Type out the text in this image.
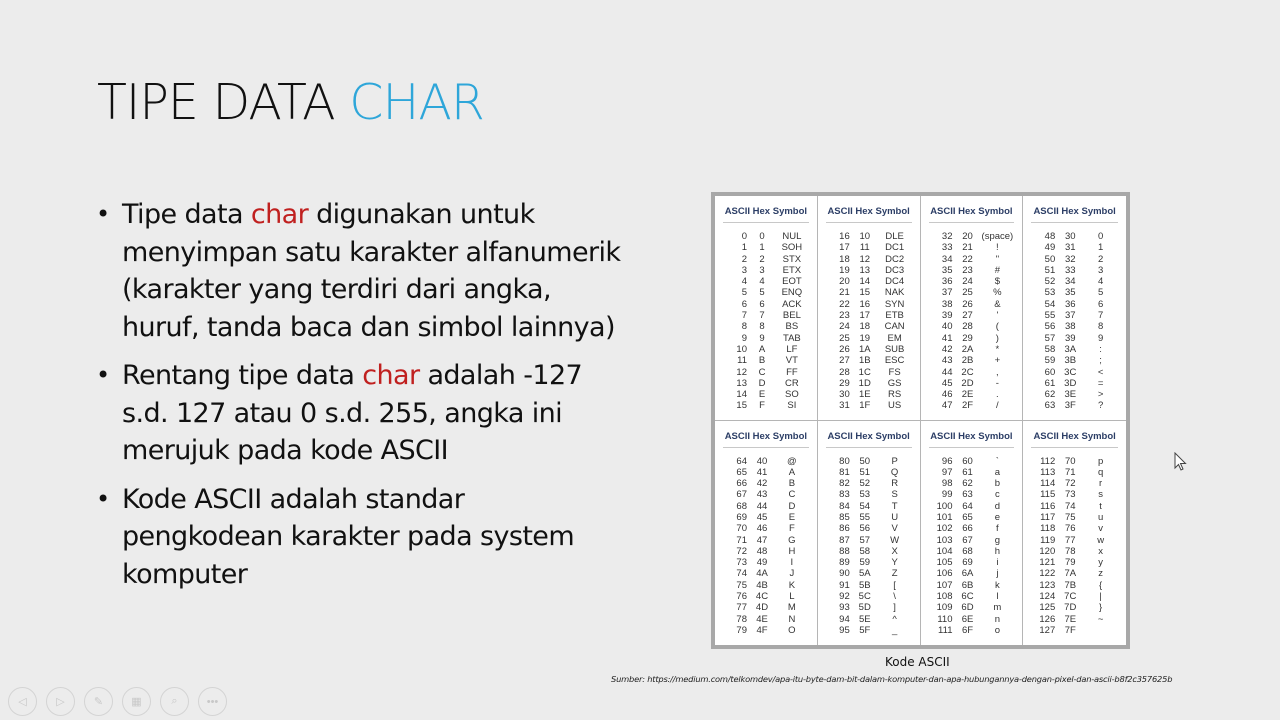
TIPE DATA CHAR
• Tipe data char digunakan untuk menyimpan satu karakter alfanumerik (karakter yang terdiri dari angka, huruf, tanda baca dan simbol lainnya)
• Rentang tipe data char adalah -127 s.d. 127 atau 0 s.d. 255, angka ini merujuk pada kode ASCII
• Kode ASCII adalah standar pengkodean karakter pada system komputer
ASCII Hex Symbol
0	0	NUL
1	1	SOH
2	2	STX
3	3	ETX
4	4	EOT
5	5	ENQ
6	6	ACK
7	7	BEL
8	8	BS
9	9	TAB
10	A	LF
11	B	VT
12	C	FF
13	D	CR
14	E	SO
15	F	SI
ASCII Hex Symbol
16	10	DLE
17	11	DC1
18	12	DC2
19	13	DC3
20	14	DC4
21	15	NAK
22	16	SYN
23	17	ETB
24	18	CAN
25	19	EM
26 1A	SUB
27 1B	ESC
28 1C	FS
29 1D	GS
30 1E	RS
31 1F	US
ASCII Hex Symbol
32	20 (space)
33	21	!
34	22	"
35	23	#
36	24	$
37	25	%
38	26	&
39	27	'
40	28	(
41	29	)
42 2A	*
43 2B	+
44 2C	,
45 2D	-
46 2E	.
47 2F	/
ASCII Hex Symbol
48	30	0
49	31	1
50	32	2
51	33	3
52	34	4
53	35	5
54	36	6
55	37	7
56	38	8
57	39	9
58 3A	:
59 3B	;
60 3C	<
61 3D	=
62 3E	>
63 3F	?
ASCII Hex Symbol
64	40	@
65	41	A
66	42	B
67	43	C
68	44	D
69	45	E
70	46	F
71	47	G
72	48	H
73	49	I
74 4A	J
75 4B	K
76 4C	L
77 4D	M
78 4E	N
79 4F	O
ASCII Hex Symbol
80	50	P
81	51	Q
82	52	R
83	53	S
84	54	T
85	55	U
86	56	V
87	57	W
88	58	X
89	59	Y
90 5A	Z
91 5B	[
92 5C	\
93 5D	]
94 5E	^
95 5F	_
ASCII Hex Symbol
96	60	`
97	61	a
98	62	b
99	63	c
100	64	d
101	65	e
102	66	f
103	67	g
104	68	h
105	69	i
106 6A	j
107 6B	k
108 6C	l
109 6D	m
110 6E	n
111 6F	o
ASCII Hex Symbol
112	70	p
113	71	q
114	72	r
115	73	s
116	74	t
117	75	u
118	76	v
119	77	w
120	78	x
121	79	y
122 7A	z
123 7B	{
124 7C	|
125 7D	}
126 7E	~
127 7F
Kode ASCII
Sumber: https://medium.com/telkomdev/apa-itu-byte-dam-bit-dalam-komputer-dan-apa-hubungannya-dengan-pixel-dan-ascii-b8f2c357625b
◁	▷	✎	▦	⌕	•••
